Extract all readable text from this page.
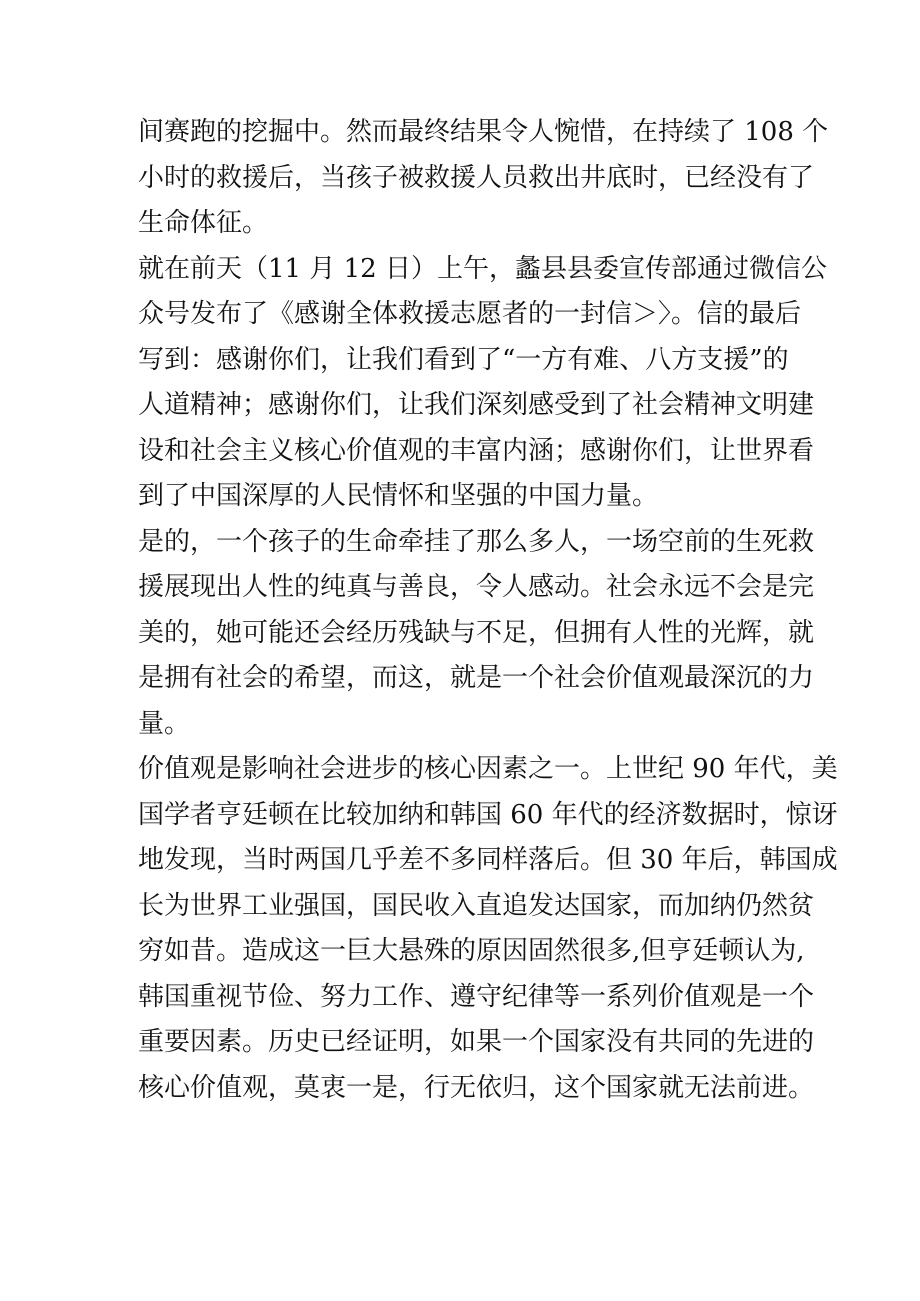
间赛跑的挖掘中。然而最终结果令人惋惜，在持续了 108 个
小时的救援后，当孩子被救援人员救出井底时，已经没有了
生命体征。
就在前天（11 月 12 日）上午，蠡县县委宣传部通过微信公
众号发布了《感谢全体救援志愿者的一封信＞〉。信的最后
写到：感谢你们，让我们看到了“一方有难、八方支援”的
人道精神；感谢你们，让我们深刻感受到了社会精神文明建
设和社会主义核心价值观的丰富内涵；感谢你们，让世界看
到了中国深厚的人民情怀和坚强的中国力量。
是的，一个孩子的生命牵挂了那么多人，一场空前的生死救
援展现出人性的纯真与善良，令人感动。社会永远不会是完
美的，她可能还会经历残缺与不足，但拥有人性的光辉，就
是拥有社会的希望，而这，就是一个社会价值观最深沉的力
量。
价值观是影响社会进步的核心因素之一。上世纪 90 年代，美
国学者亨廷顿在比较加纳和韩国 60 年代的经济数据时，惊讶
地发现，当时两国几乎差不多同样落后。但 30 年后，韩国成
长为世界工业强国，国民收入直追发达国家，而加纳仍然贫
穷如昔。造成这一巨大悬殊的原因固然很多,但亨廷顿认为,
韩国重视节俭、努力工作、遵守纪律等一系列价值观是一个
重要因素。历史已经证明，如果一个国家没有共同的先进的
核心价值观，莫衷一是，行无依归，这个国家就无法前进。
